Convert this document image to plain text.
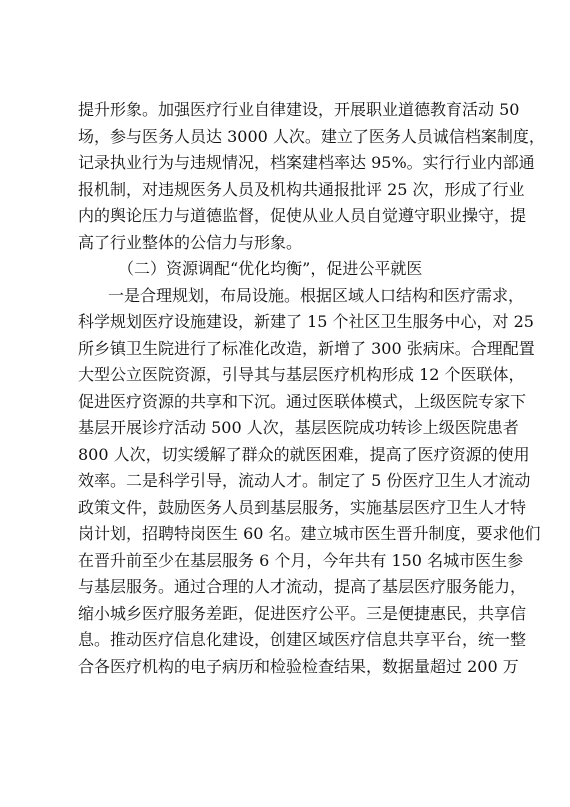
提升形象。加强医疗行业自律建设，开展职业道德教育活动 50
场，参与医务人员达 3000 人次。建立了医务人员诚信档案制度，
记录执业行为与违规情况，档案建档率达 95%。实行行业内部通
报机制，对违规医务人员及机构共通报批评 25 次，形成了行业
内的舆论压力与道德监督，促使从业人员自觉遵守职业操守，提
高了行业整体的公信力与形象。
（二）资源调配“优化均衡”，促进公平就医
一是合理规划，布局设施。根据区域人口结构和医疗需求，
科学规划医疗设施建设，新建了 15 个社区卫生服务中心，对 25
所乡镇卫生院进行了标准化改造，新增了 300 张病床。合理配置
大型公立医院资源，引导其与基层医疗机构形成 12 个医联体，
促进医疗资源的共享和下沉。通过医联体模式，上级医院专家下
基层开展诊疗活动 500 人次，基层医院成功转诊上级医院患者
800 人次，切实缓解了群众的就医困难，提高了医疗资源的使用
效率。二是科学引导，流动人才。制定了 5 份医疗卫生人才流动
政策文件，鼓励医务人员到基层服务，实施基层医疗卫生人才特
岗计划，招聘特岗医生 60 名。建立城市医生晋升制度，要求他们
在晋升前至少在基层服务 6 个月，今年共有 150 名城市医生参
与基层服务。通过合理的人才流动，提高了基层医疗服务能力，
缩小城乡医疗服务差距，促进医疗公平。三是便捷惠民，共享信
息。推动医疗信息化建设，创建区域医疗信息共享平台，统一整
合各医疗机构的电子病历和检验检查结果，数据量超过 200 万
